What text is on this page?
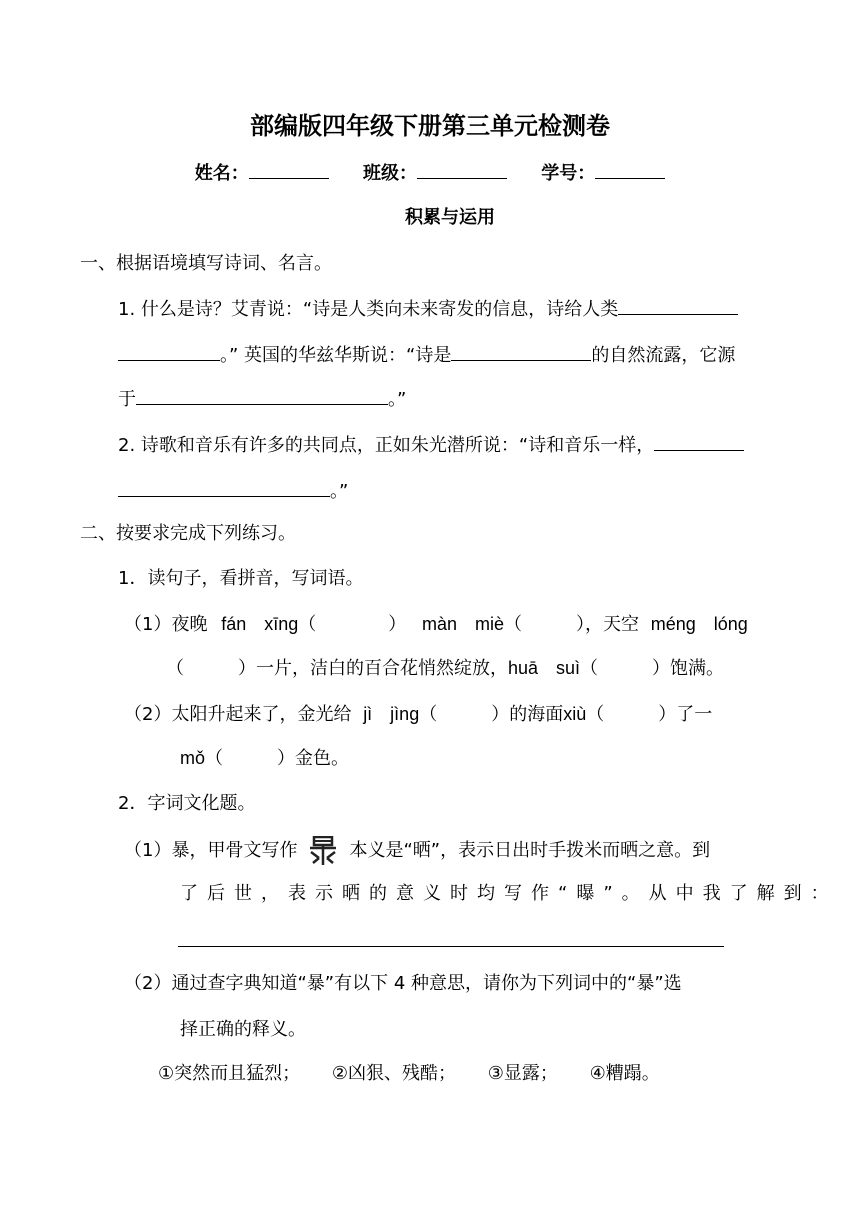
部编版四年级下册第三单元检测卷
姓名：	班级：	学号：
积累与运用
一、根据语境填写诗词、名言。
1. 什么是诗？艾青说：“诗是人类向未来寄发的信息，诗给人类
。” 英国的华兹华斯说：“诗是	的自然流露，它源
于	。”
2. 诗歌和音乐有许多的共同点，正如朱光潜所说：“诗和音乐一样，
。”
二、按要求完成下列练习。
1．读句子，看拼音，写词语。
（1）夜晚 fán　xīng（　　　　） màn　miè（　　　），天空 méng　lóng
（　　　）一片，洁白的百合花悄然绽放，huā　suì（　　　）饱满。
（2）太阳升起来了，金光给 jì　jìng（　　　）的海面xiù（　　　）了一
mǒ（　　　）金色。
2．字词文化题。
（1）暴，甲骨文写作	本义是“晒”，表示日出时手拨米而晒之意。到
了后世，表示晒的意义时均写作“曝”。从中我了解到：
（2）通过查字典知道“暴”有以下 4 种意思，请你为下列词中的“暴”选
择正确的释义。
①突然而且猛烈； ②凶狠、残酷； ③显露； ④糟蹋。
